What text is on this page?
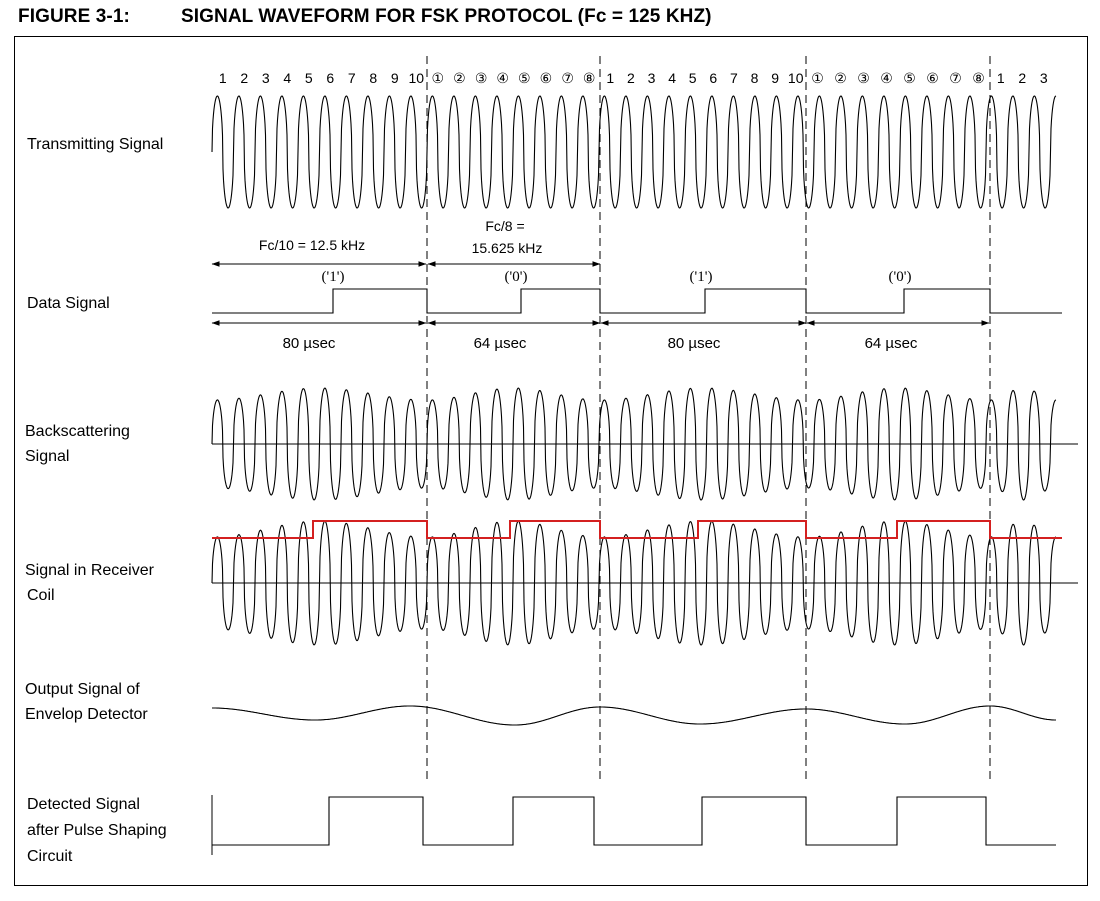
FIGURE 3-1:	SIGNAL WAVEFORM FOR FSK PROTOCOL (Fc = 125 KHZ)
Transmitting Signal
Data Signal
Backscattering
Signal
Signal in Receiver
Coil
Output Signal of
Envelop Detector
Detected Signal
after Pulse Shaping
Circuit
1 2 3 4 5 6 7 8 9 10 ① ② ③ ④ ⑤ ⑥ ⑦ ⑧ 1 2 3 4 5 6 7 8 9 10 ① ② ③ ④ ⑤ ⑥ ⑦ ⑧ 1 2 3
Fc/10 = 12.5 kHz
Fc/8 =
15.625 kHz
('1')	('0')	('1')	('0')
80 µsec	64 µsec	80 µsec	64 µsec
